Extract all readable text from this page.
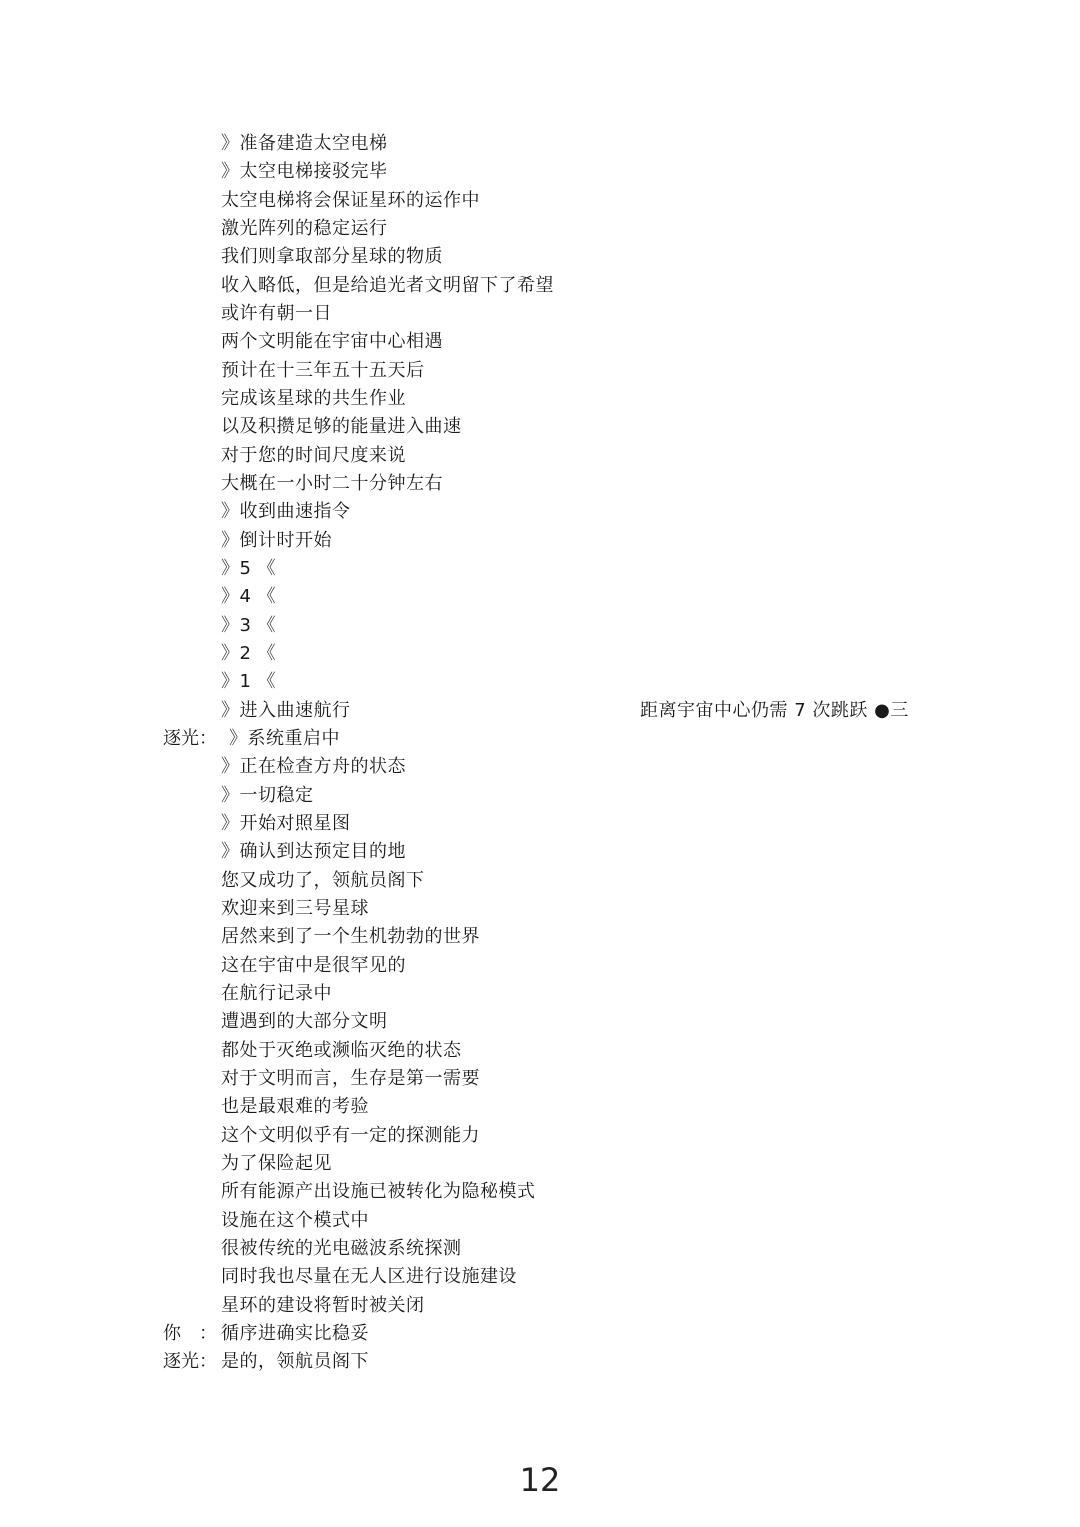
》准备建造太空电梯
》太空电梯接驳完毕
太空电梯将会保证星环的运作中
激光阵列的稳定运行
我们则拿取部分星球的物质
收入略低，但是给追光者文明留下了希望
或许有朝一日
两个文明能在宇宙中心相遇
预计在十三年五十五天后
完成该星球的共生作业
以及积攒足够的能量进入曲速
对于您的时间尺度来说
大概在一小时二十分钟左右
》收到曲速指令
》倒计时开始
》5 《
》4 《
》3 《
》2 《
》1 《
》进入曲速航行	距离宇宙中心仍需 7 次跳跃 ●三
逐光： 》系统重启中
》正在检查方舟的状态
》一切稳定
》开始对照星图
》确认到达预定目的地
您又成功了，领航员阁下
欢迎来到三号星球
居然来到了一个生机勃勃的世界
这在宇宙中是很罕见的
在航行记录中
遭遇到的大部分文明
都处于灭绝或濒临灭绝的状态
对于文明而言，生存是第一需要
也是最艰难的考验
这个文明似乎有一定的探测能力
为了保险起见
所有能源产出设施已被转化为隐秘模式
设施在这个模式中
很被传统的光电磁波系统探测
同时我也尽量在无人区进行设施建设
星环的建设将暂时被关闭
你　： 循序进确实比稳妥
逐光： 是的，领航员阁下
12
